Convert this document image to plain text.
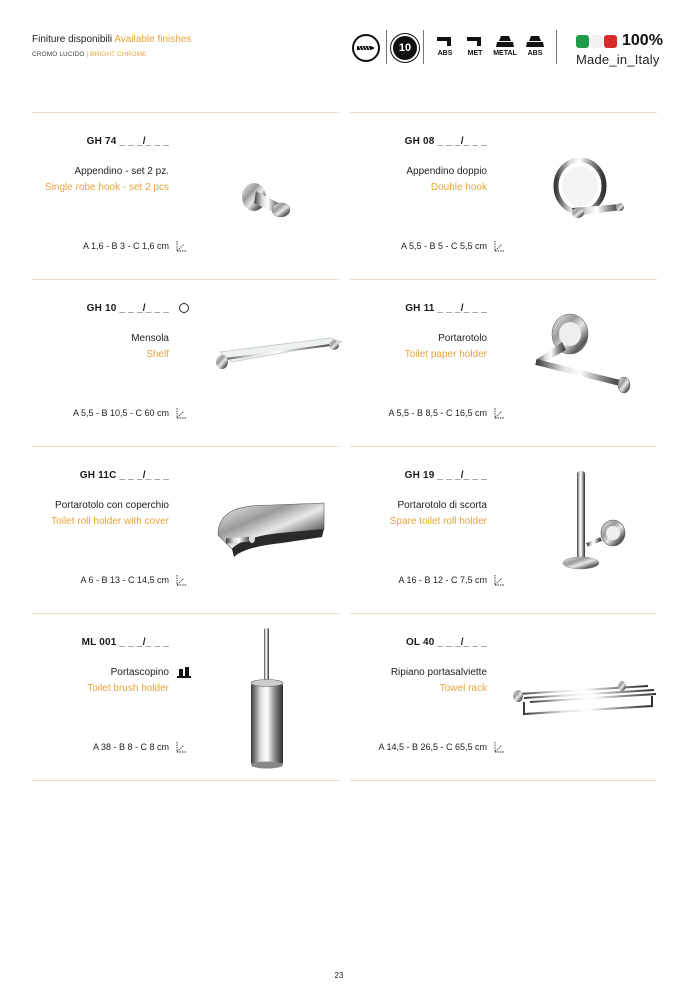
Finiture disponibili Available finishes
CROMO LUCIDO | BRIGHT CHROME
10	ABS MET METAL ABS
100%
Made_in_Italy
GH 74 _ _ _/_ _ _
Appendino - set 2 pz.
Single robe hook - set 2 pcs
A 1,6 - B 3 - C 1,6 cm
GH 08 _ _ _/_ _ _
Appendino doppio
Double hook
A 5,5 - B 5 - C 5,5 cm
GH 10 _ _ _/_ _ _
Mensola
Shelf
A 5,5 - B 10,5 - C 60 cm
GH 11 _ _ _/_ _ _
Portarotolo
Toilet paper holder
A 5,5 - B 8,5 - C 16,5 cm
GH 11C _ _ _/_ _ _
Portarotolo con coperchio
Toilet roll holder with cover
A 6 - B 13 - C 14,5 cm
GH 19 _ _ _/_ _ _
Portarotolo di scorta
Spare toilet roll holder
A 16 - B 12 - C 7,5 cm
ML 001 _ _ _/_ _ _
Portascopino
Toilet brush holder
A 38 - B 8 - C 8 cm
OL 40 _ _ _/_ _ _
Ripiano portasalviette
Towel rack
A 14,5 - B 26,5 - C 65,5 cm
23
